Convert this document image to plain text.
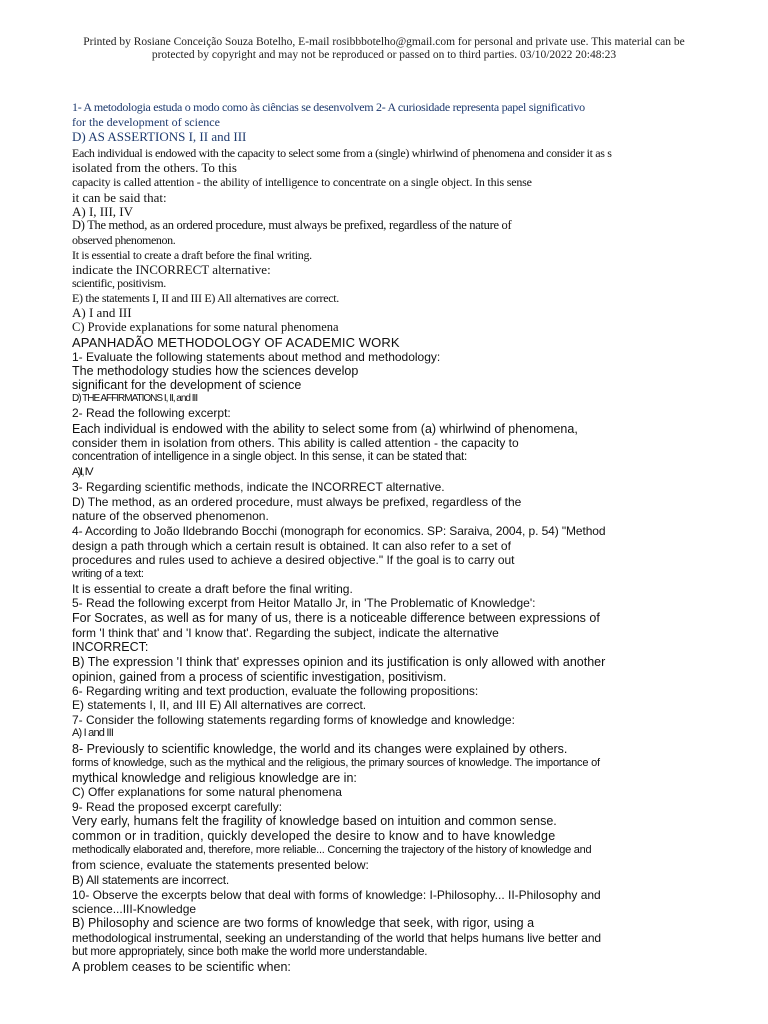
Printed by Rosiane Conceição Souza Botelho, E-mail rosibbbotelho@gmail.com for personal and private use. This material can be
protected by copyright and may not be reproduced or passed on to third parties. 03/10/2022 20:48:23
1- A metodologia estuda o modo como às ciências se desenvolvem 2- A curiosidade representa papel significativo
for the development of science
D) AS ASSERTIONS I, II and III
Each individual is endowed with the capacity to select some from a (single) whirlwind of phenomena and consider it as s
isolated from the others. To this
capacity is called attention - the ability of intelligence to concentrate on a single object. In this sense
it can be said that:
A) I, III, IV
D) The method, as an ordered procedure, must always be prefixed, regardless of the nature of
observed phenomenon.
It is essential to create a draft before the final writing.
indicate the INCORRECT alternative:
scientific, positivism.
E) the statements I, II and III E) All alternatives are correct.
A) I and III
C) Provide explanations for some natural phenomena
APANHADÃO METHODOLOGY OF ACADEMIC WORK
1- Evaluate the following statements about method and methodology:
The methodology studies how the sciences develop
significant for the development of science
D) THE AFFIRMATIONS I, II, and III
2- Read the following excerpt:
Each individual is endowed with the ability to select some from (a) whirlwind of phenomena,
consider them in isolation from others. This ability is called attention - the capacity to
concentration of intelligence in a single object. In this sense, it can be stated that:
A)I, IV
3- Regarding scientific methods, indicate the INCORRECT alternative.
D) The method, as an ordered procedure, must always be prefixed, regardless of the
nature of the observed phenomenon.
4- According to João Ildebrando Bocchi (monograph for economics. SP: Saraiva, 2004, p. 54) "Method
design a path through which a certain result is obtained. It can also refer to a set of
procedures and rules used to achieve a desired objective." If the goal is to carry out
writing of a text:
It is essential to create a draft before the final writing.
5- Read the following excerpt from Heitor Matallo Jr, in 'The Problematic of Knowledge':
For Socrates, as well as for many of us, there is a noticeable difference between expressions of
form 'I think that' and 'I know that'. Regarding the subject, indicate the alternative
INCORRECT:
B) The expression 'I think that' expresses opinion and its justification is only allowed with another
opinion, gained from a process of scientific investigation, positivism.
6- Regarding writing and text production, evaluate the following propositions:
E) statements I, II, and III E) All alternatives are correct.
7- Consider the following statements regarding forms of knowledge and knowledge:
A) I and III
8- Previously to scientific knowledge, the world and its changes were explained by others.
forms of knowledge, such as the mythical and the religious, the primary sources of knowledge. The importance of
mythical knowledge and religious knowledge are in:
C) Offer explanations for some natural phenomena
9- Read the proposed excerpt carefully:
Very early, humans felt the fragility of knowledge based on intuition and common sense.
common or in tradition, quickly developed the desire to know and to have knowledge
methodically elaborated and, therefore, more reliable... Concerning the trajectory of the history of knowledge and
from science, evaluate the statements presented below:
B) All statements are incorrect.
10- Observe the excerpts below that deal with forms of knowledge: I-Philosophy... II-Philosophy and
science...III-Knowledge
B) Philosophy and science are two forms of knowledge that seek, with rigor, using a
methodological instrumental, seeking an understanding of the world that helps humans live better and
but more appropriately, since both make the world more understandable.
A problem ceases to be scientific when:
